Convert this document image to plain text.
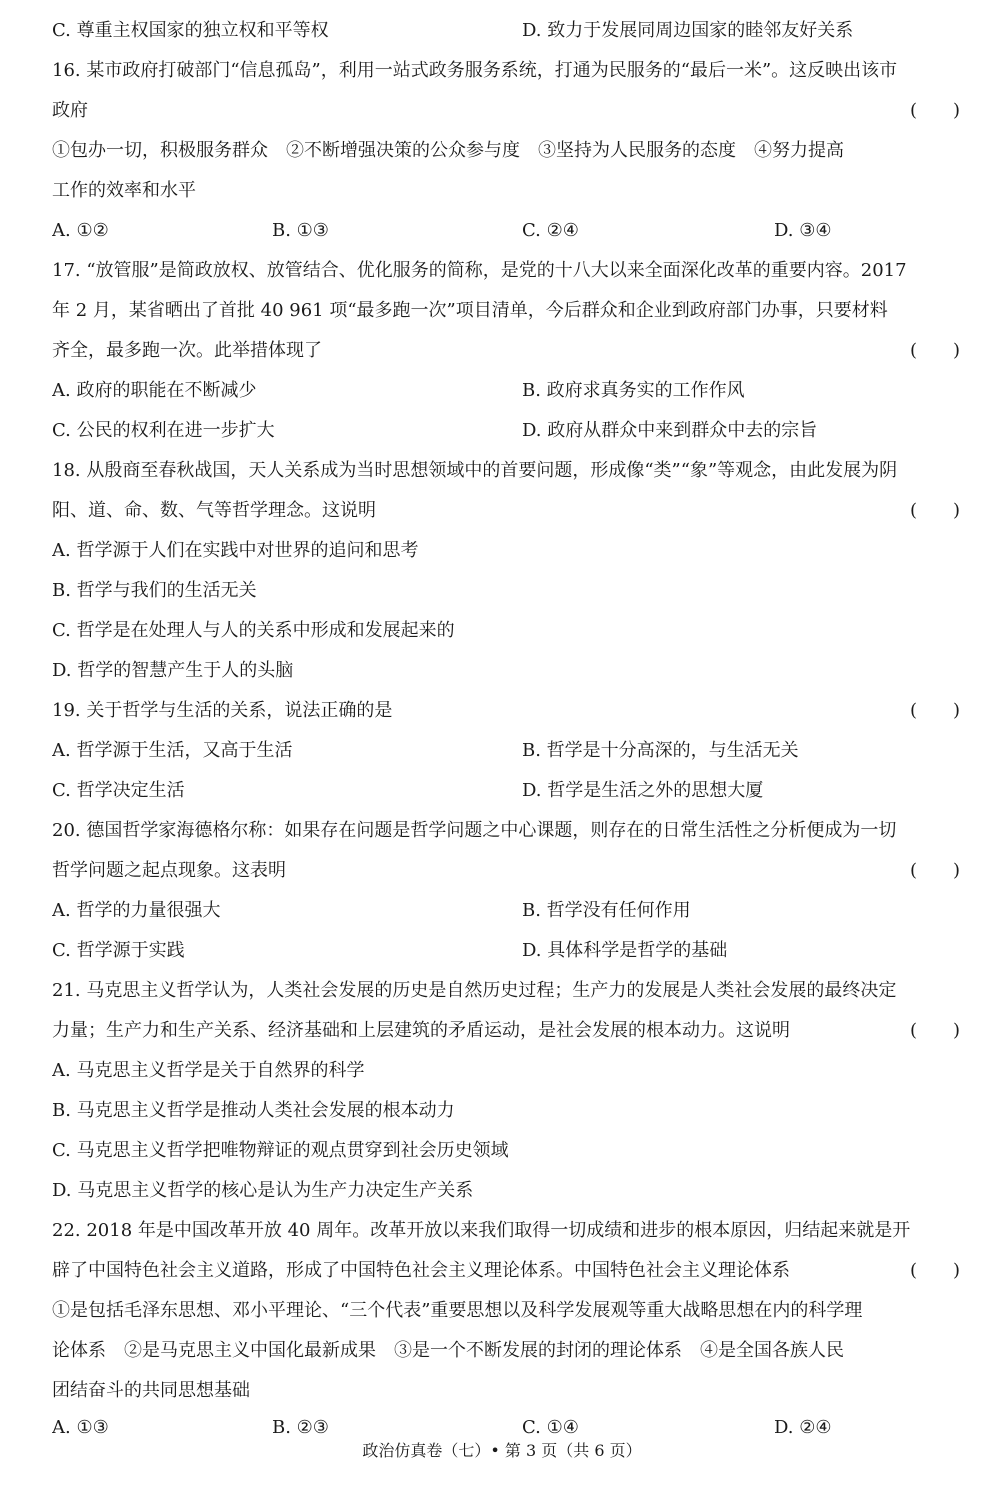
C. 尊重主权国家的独立权和平等权	D. 致力于发展同周边国家的睦邻友好关系
16. 某市政府打破部门“信息孤岛”，利用一站式政务服务系统，打通为民服务的“最后一米”。这反映出该市
政府	(　　)
①包办一切，积极服务群众　②不断增强决策的公众参与度　③坚持为人民服务的态度　④努力提高
工作的效率和水平
A. ①②	B. ①③	C. ②④	D. ③④
17. “放管服”是简政放权、放管结合、优化服务的简称，是党的十八大以来全面深化改革的重要内容。2017
年 2 月，某省晒出了首批 40 961 项“最多跑一次”项目清单，今后群众和企业到政府部门办事，只要材料
齐全，最多跑一次。此举措体现了	(　　)
A. 政府的职能在不断减少	B. 政府求真务实的工作作风
C. 公民的权利在进一步扩大	D. 政府从群众中来到群众中去的宗旨
18. 从殷商至春秋战国，天人关系成为当时思想领域中的首要问题，形成像“类”“象”等观念，由此发展为阴
阳、道、命、数、气等哲学理念。这说明	(　　)
A. 哲学源于人们在实践中对世界的追问和思考
B. 哲学与我们的生活无关
C. 哲学是在处理人与人的关系中形成和发展起来的
D. 哲学的智慧产生于人的头脑
19. 关于哲学与生活的关系，说法正确的是	(　　)
A. 哲学源于生活，又高于生活	B. 哲学是十分高深的，与生活无关
C. 哲学决定生活	D. 哲学是生活之外的思想大厦
20. 德国哲学家海德格尔称：如果存在问题是哲学问题之中心课题，则存在的日常生活性之分析便成为一切
哲学问题之起点现象。这表明	(　　)
A. 哲学的力量很强大	B. 哲学没有任何作用
C. 哲学源于实践	D. 具体科学是哲学的基础
21. 马克思主义哲学认为，人类社会发展的历史是自然历史过程；生产力的发展是人类社会发展的最终决定
力量；生产力和生产关系、经济基础和上层建筑的矛盾运动，是社会发展的根本动力。这说明	(　　)
A. 马克思主义哲学是关于自然界的科学
B. 马克思主义哲学是推动人类社会发展的根本动力
C. 马克思主义哲学把唯物辩证的观点贯穿到社会历史领域
D. 马克思主义哲学的核心是认为生产力决定生产关系
22. 2018 年是中国改革开放 40 周年。改革开放以来我们取得一切成绩和进步的根本原因，归结起来就是开
辟了中国特色社会主义道路，形成了中国特色社会主义理论体系。中国特色社会主义理论体系	(　　)
①是包括毛泽东思想、邓小平理论、“三个代表”重要思想以及科学发展观等重大战略思想在内的科学理
论体系　②是马克思主义中国化最新成果　③是一个不断发展的封闭的理论体系　④是全国各族人民
团结奋斗的共同思想基础
A. ①③	B. ②③	C. ①④	D. ②④
政治仿真卷（七）• 第 3 页（共 6 页）
